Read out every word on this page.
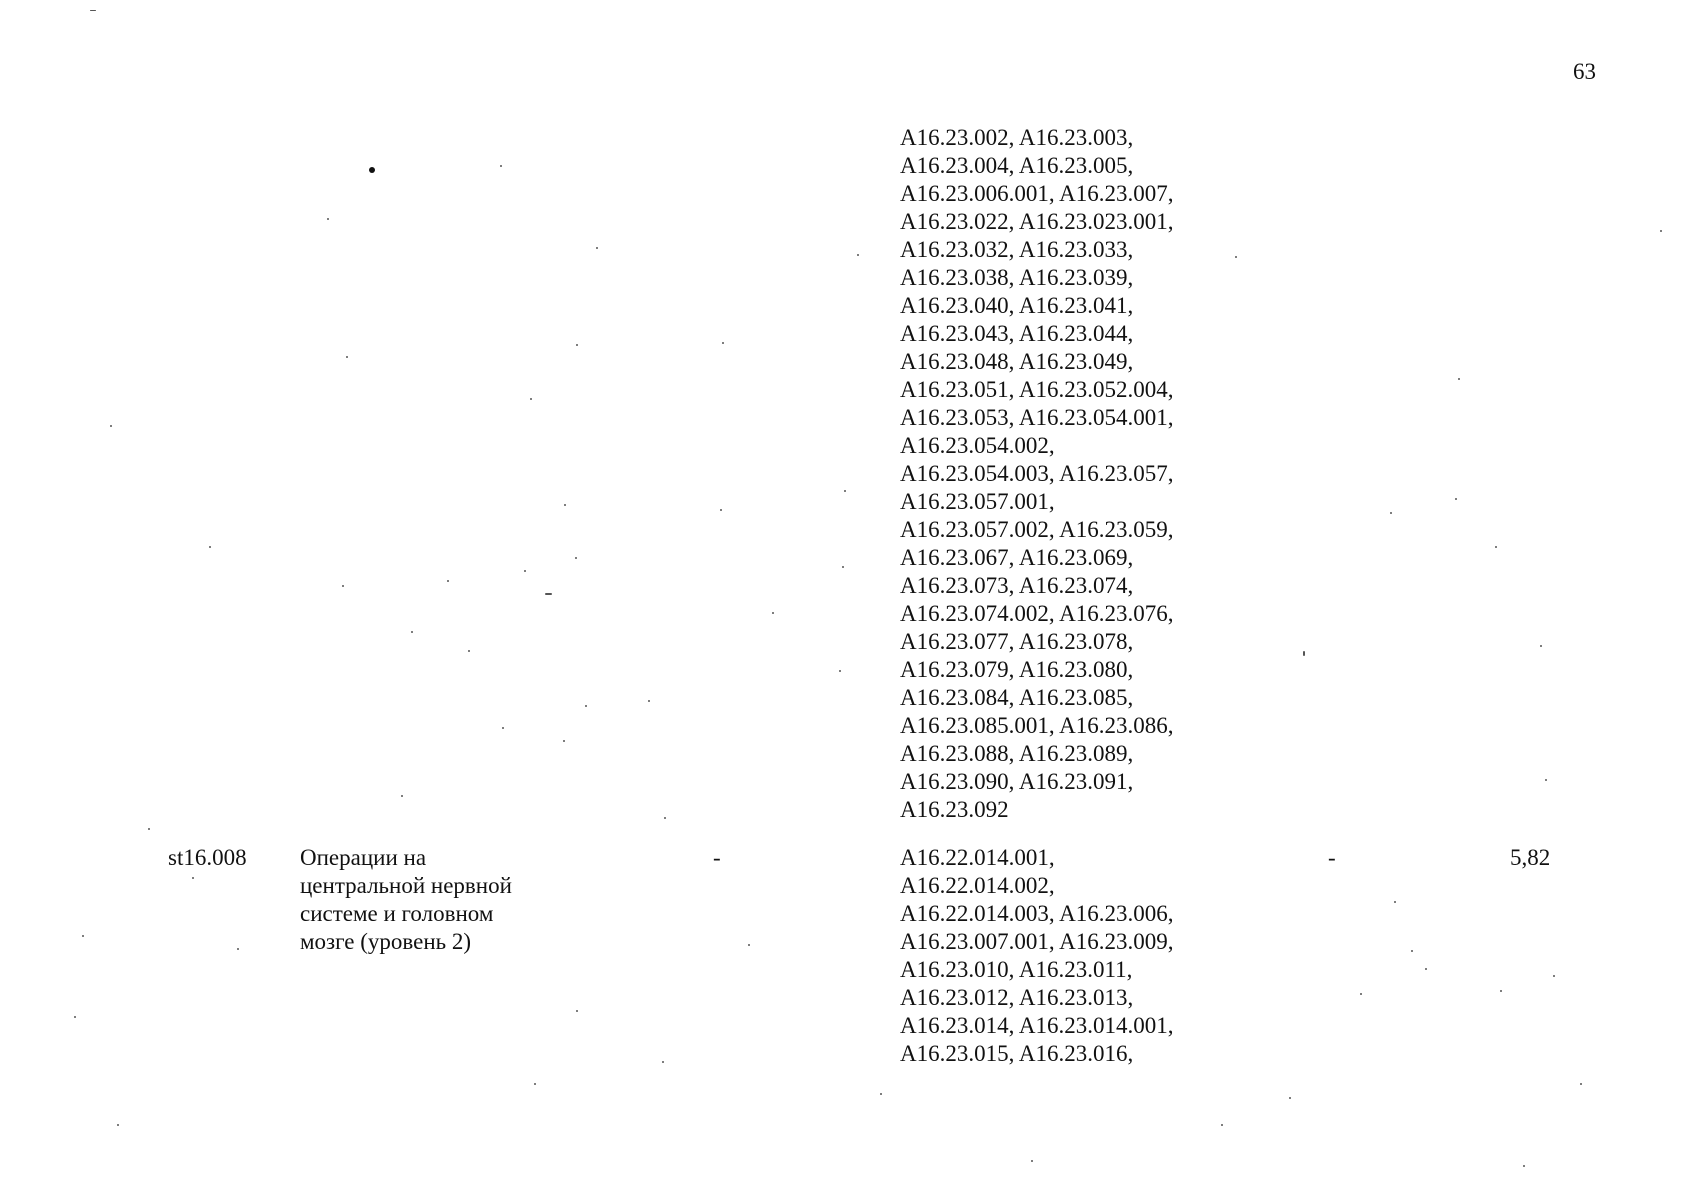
63
A16.23.002, A16.23.003,
A16.23.004, A16.23.005,
A16.23.006.001, A16.23.007,
A16.23.022, A16.23.023.001,
A16.23.032, A16.23.033,
A16.23.038, A16.23.039,
A16.23.040, A16.23.041,
A16.23.043, A16.23.044,
A16.23.048, A16.23.049,
A16.23.051, A16.23.052.004,
A16.23.053, A16.23.054.001,
A16.23.054.002,
A16.23.054.003, A16.23.057,
A16.23.057.001,
A16.23.057.002, A16.23.059,
A16.23.067, A16.23.069,
A16.23.073, A16.23.074,
A16.23.074.002, A16.23.076,
A16.23.077, A16.23.078,
A16.23.079, A16.23.080,
A16.23.084, A16.23.085,
A16.23.085.001, A16.23.086,
A16.23.088, A16.23.089,
A16.23.090, A16.23.091,
A16.23.092
st16.008 Операции на
центральной нервной
системе и головном
мозге (уровень 2)
-	A16.22.014.001,
A16.22.014.002,
A16.22.014.003, A16.23.006,
A16.23.007.001, A16.23.009,
A16.23.010, A16.23.011,
A16.23.012, A16.23.013,
A16.23.014, A16.23.014.001,
A16.23.015, A16.23.016,
-	5,82
